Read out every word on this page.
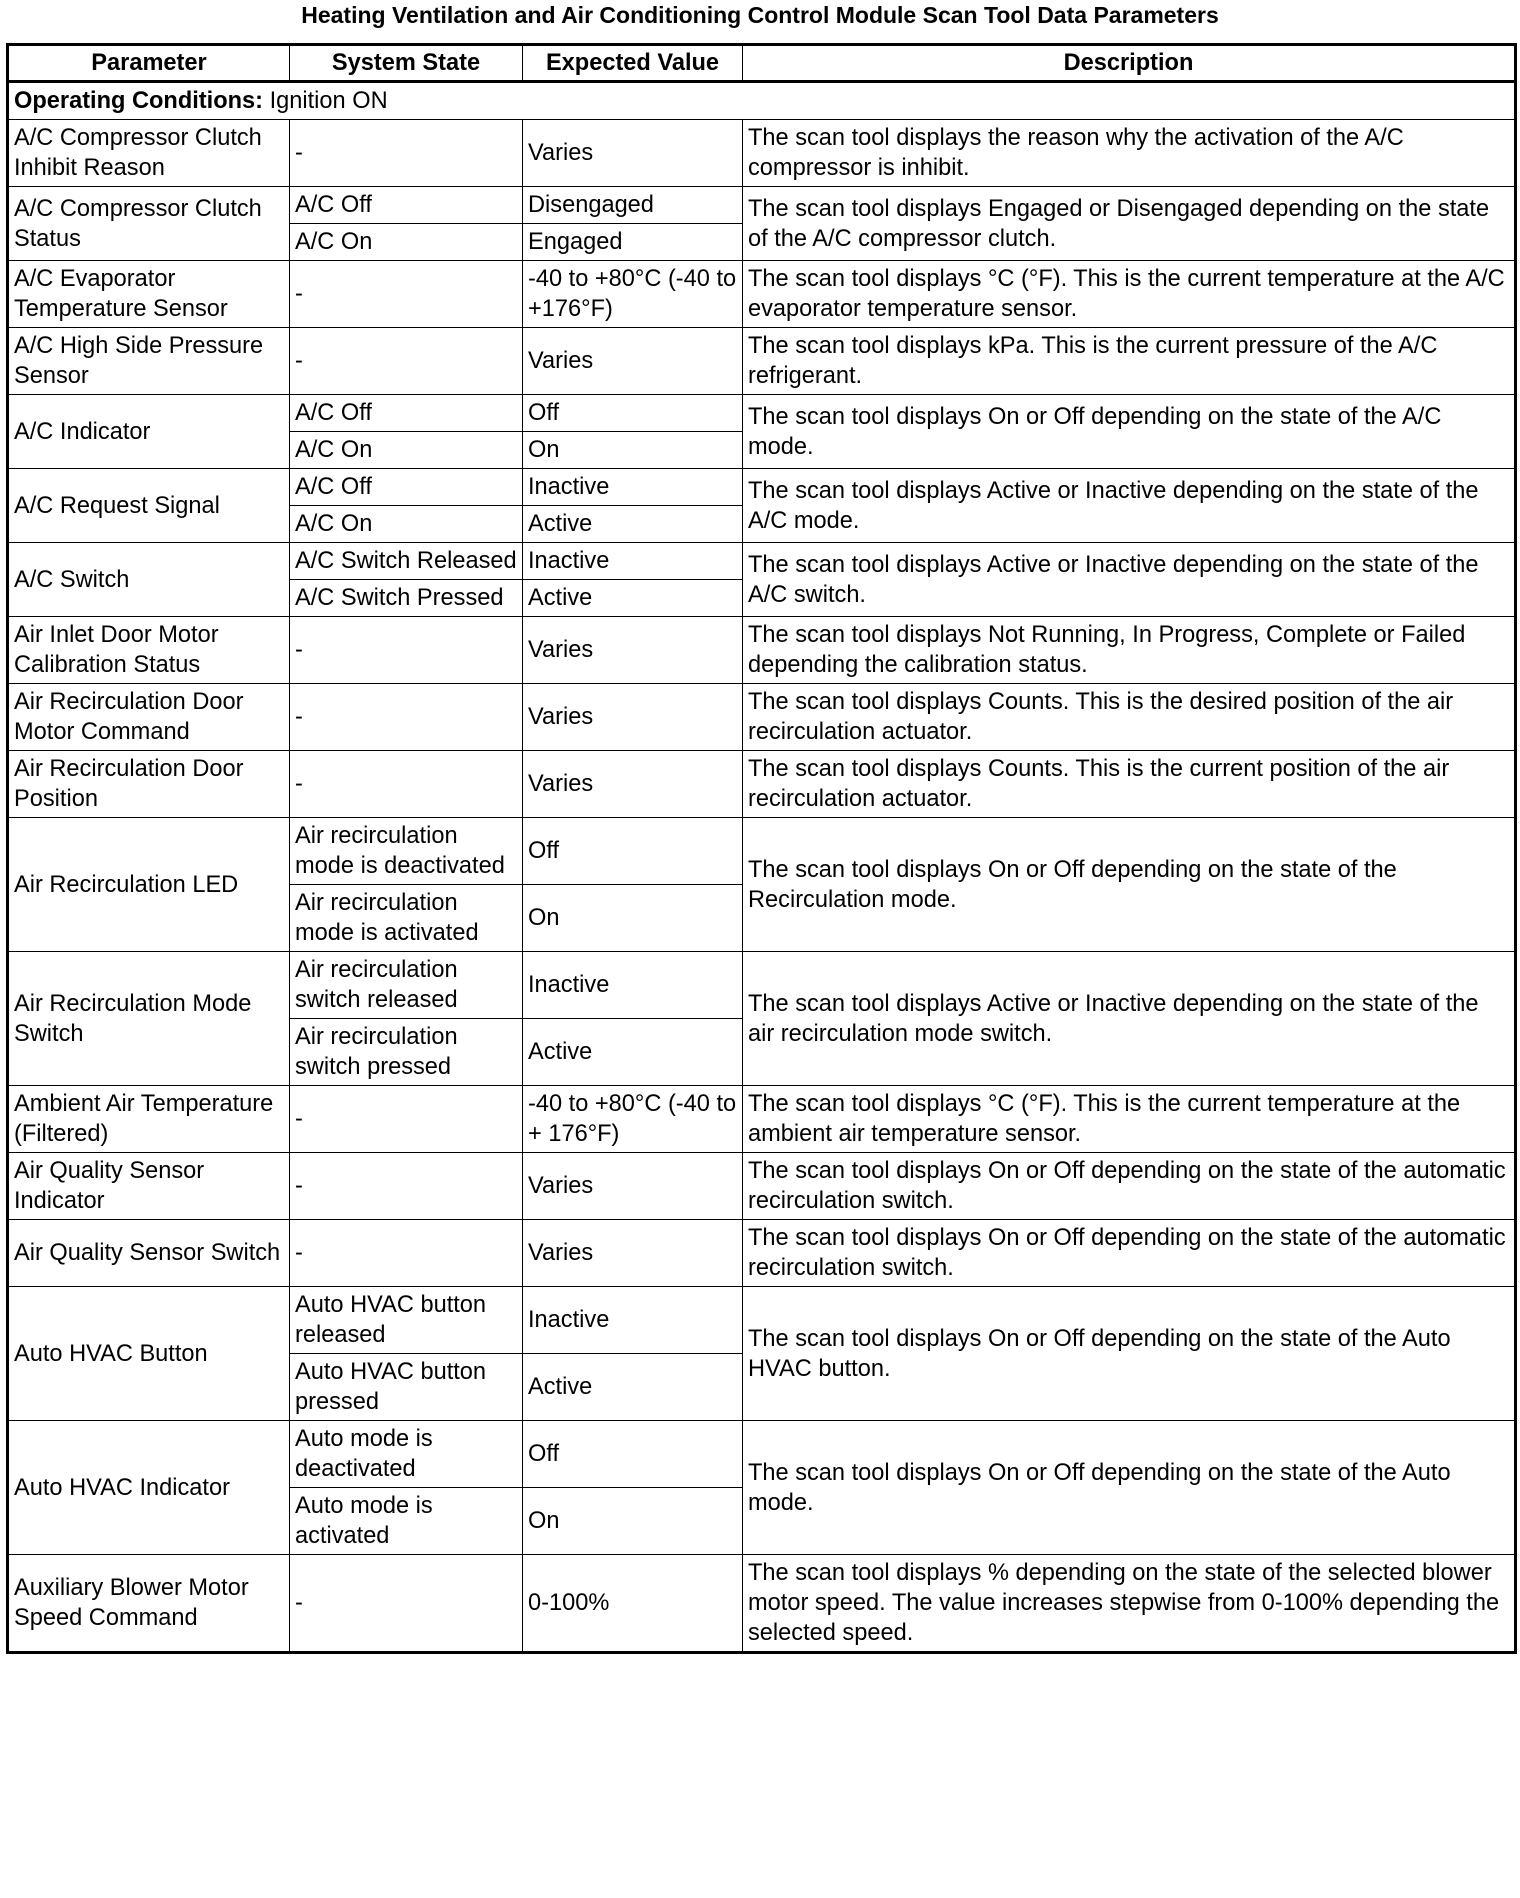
Heating Ventilation and Air Conditioning Control Module Scan Tool Data Parameters
Parameter	System State	Expected Value	Description
Operating Conditions: Ignition ON			
A/C Compressor Clutch Inhibit Reason	-	Varies	The scan tool displays the reason why the activation of the A/C compressor is inhibit.
A/C Compressor Clutch Status	A/C Off	Disengaged	The scan tool displays Engaged or Disengaged depending on the state of the A/C compressor clutch.
	A/C On	Engaged	
A/C Evaporator Temperature Sensor	-	-40 to +80°C (-40 to +176°F)	The scan tool displays °C (°F). This is the current temperature at the A/C evaporator temperature sensor.
A/C High Side Pressure Sensor	-	Varies	The scan tool displays kPa. This is the current pressure of the A/C refrigerant.
A/C Indicator	A/C Off	Off	The scan tool displays On or Off depending on the state of the A/C mode.
	A/C On	On	
A/C Request Signal	A/C Off	Inactive	The scan tool displays Active or Inactive depending on the state of the A/C mode.
	A/C On	Active	
A/C Switch	A/C Switch Released	Inactive	The scan tool displays Active or Inactive depending on the state of the A/C switch.
	A/C Switch Pressed	Active	
Air Inlet Door Motor Calibration Status	-	Varies	The scan tool displays Not Running, In Progress, Complete or Failed depending the calibration status.
Air Recirculation Door Motor Command	-	Varies	The scan tool displays Counts. This is the desired position of the air recirculation actuator.
Air Recirculation Door Position	-	Varies	The scan tool displays Counts. This is the current position of the air recirculation actuator.
Air Recirculation LED	Air recirculation mode is deactivated	Off	The scan tool displays On or Off depending on the state of the Recirculation mode.
	Air recirculation mode is activated	On	
Air Recirculation Mode Switch	Air recirculation switch released	Inactive	The scan tool displays Active or Inactive depending on the state of the air recirculation mode switch.
	Air recirculation switch pressed	Active	
Ambient Air Temperature (Filtered)	-	-40 to +80°C (-40 to + 176°F)	The scan tool displays °C (°F). This is the current temperature at the ambient air temperature sensor.
Air Quality Sensor Indicator	-	Varies	The scan tool displays On or Off depending on the state of the automatic recirculation switch.
Air Quality Sensor Switch	-	Varies	The scan tool displays On or Off depending on the state of the automatic recirculation switch.
Auto HVAC Button	Auto HVAC button released	Inactive	The scan tool displays On or Off depending on the state of the Auto HVAC button.
	Auto HVAC button pressed	Active	
Auto HVAC Indicator	Auto mode is deactivated	Off	The scan tool displays On or Off depending on the state of the Auto mode.
	Auto mode is activated	On	
Auxiliary Blower Motor Speed Command	-	0-100%	The scan tool displays % depending on the state of the selected blower motor speed. The value increases stepwise from 0-100% depending the selected speed.
